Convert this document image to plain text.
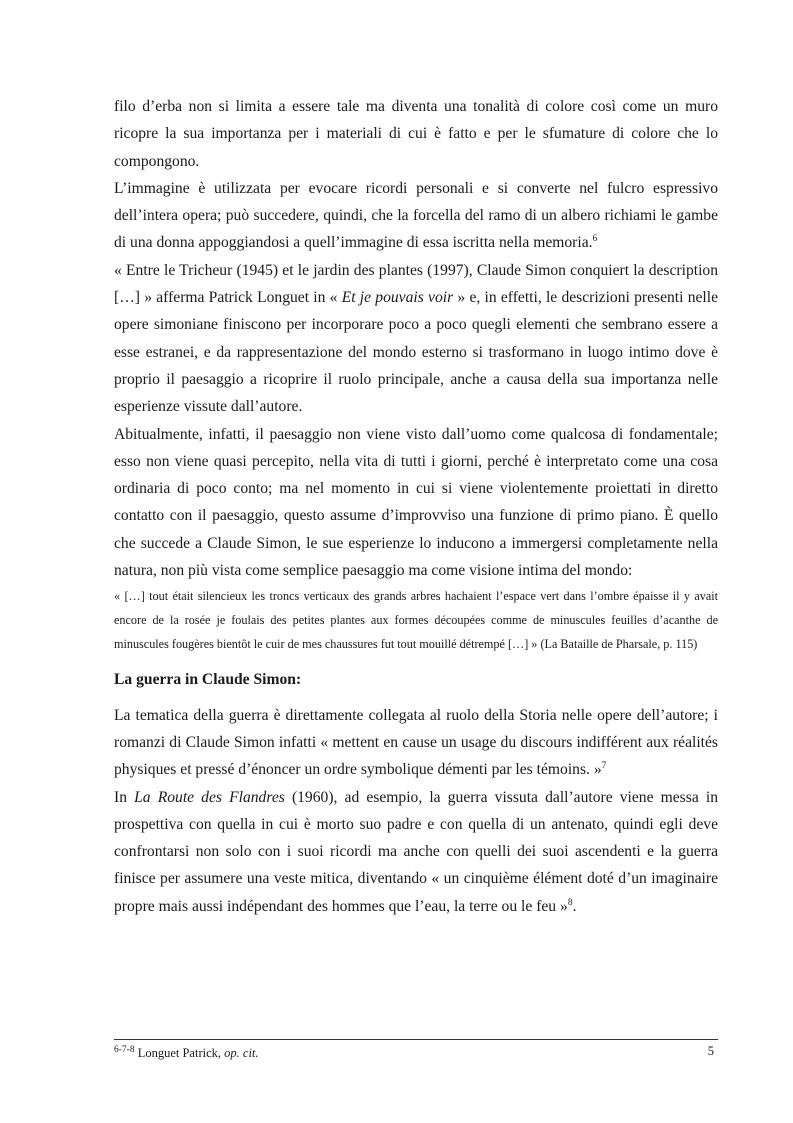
filo d’erba non si limita a essere tale ma diventa una tonalità di colore così come un muro ricopre la sua importanza per i materiali di cui è fatto e per le sfumature di colore che lo compongono.

L’immagine è utilizzata per evocare ricordi personali e si converte nel fulcro espressivo dell’intera opera; può succedere, quindi, che la forcella del ramo di un albero richiami le gambe di una donna appoggiandosi a quell’immagine di essa iscritta nella memoria.$^6$

« Entre le Tricheur (1945) et le jardin des plantes (1997), Claude Simon conquiert la description […] » afferma Patrick Longuet in « Et je pouvais voir » e, in effetti, le descrizioni presenti nelle opere simoniane finiscono per incorporare poco a poco quegli elementi che sembrano essere a esse estranei, e da rappresentazione del mondo esterno si trasformano in luogo intimo dove è proprio il paesaggio a ricoprire il ruolo principale, anche a causa della sua importanza nelle esperienze vissute dall’autore.

Abitualmente, infatti, il paesaggio non viene visto dall’uomo come qualcosa di fondamentale; esso non viene quasi percepito, nella vita di tutti i giorni, perché è interpretato come una cosa ordinaria di poco conto; ma nel momento in cui si viene violentemente proiettati in diretto contatto con il paesaggio, questo assume d’improvviso una funzione di primo piano. È quello che succede a Claude Simon, le sue esperienze lo inducono a immergersi completamente nella natura, non più vista come semplice paesaggio ma come visione intima del mondo:

« […] tout était silencieux les troncs verticaux des grands arbres hachaient l’espace vert dans l’ombre épaisse il y avait encore de la rosée je foulais des petites plantes aux formes découpées comme de minuscules feuilles d’acanthe de minuscules fougères bientôt le cuir de mes chaussures fut tout mouillé détrempé […] » (La Bataille de Pharsale, p. 115)

La guerra in Claude Simon:

La tematica della guerra è direttamente collegata al ruolo della Storia nelle opere dell’autore; i romanzi di Claude Simon infatti « mettent en cause un usage du discours indifférent aux réalités physiques et pressé d’énoncer un ordre symbolique démenti par les témoins. »$^7$

In La Route des Flandres (1960), ad esempio, la guerra vissuta dall’autore viene messa in prospettiva con quella in cui è morto suo padre e con quella di un antenato, quindi egli deve confrontarsi non solo con i suoi ricordi ma anche con quelli dei suoi ascendenti e la guerra finisce per assumere una veste mitica, diventando « un cinquième élément doté d’un imaginaire propre mais aussi indépendant des hommes que l’eau, la terre ou le feu »$^8$.

$^{6-7-8}$ Longuet Patrick, op. cit.	5
